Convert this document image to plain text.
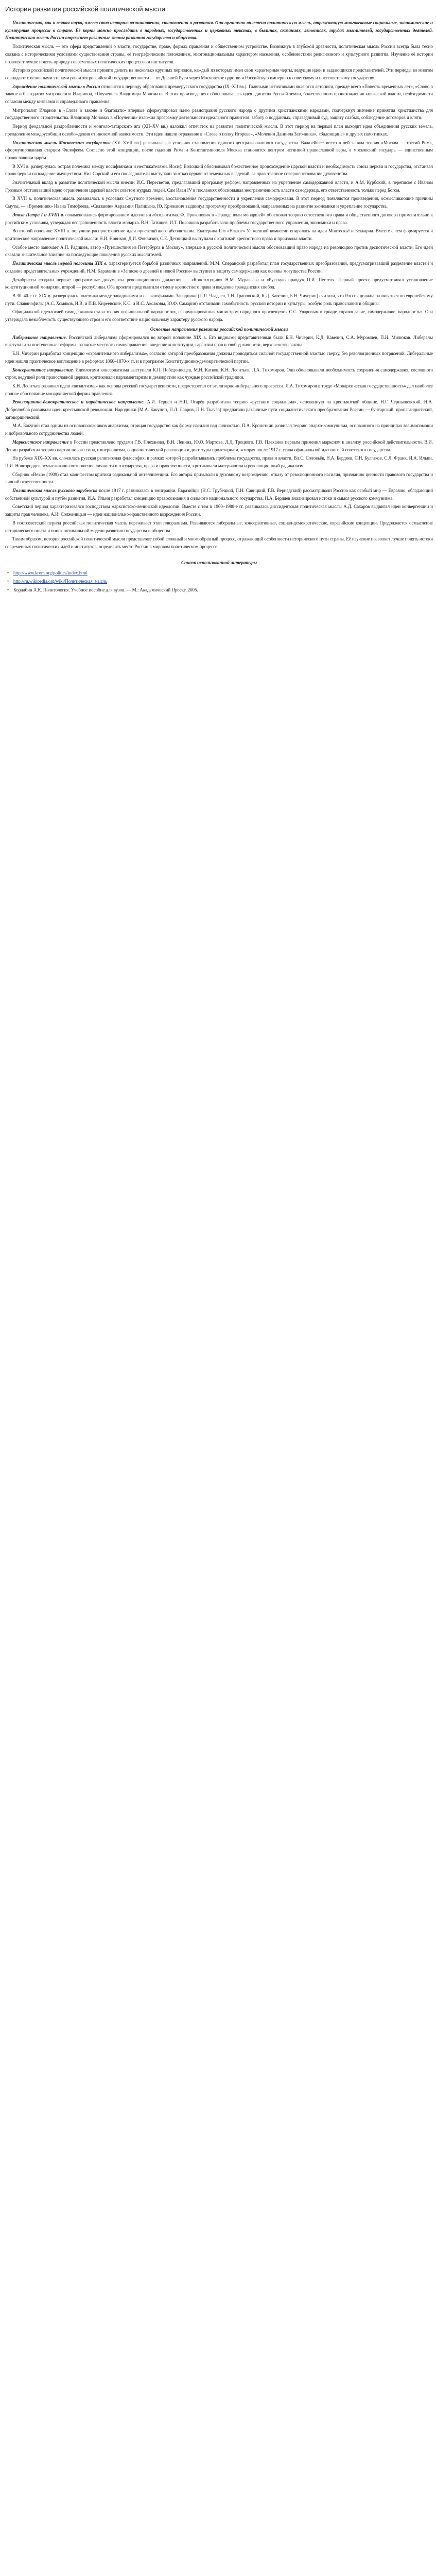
История развития российской политической мысли

Политическая, как и всякая наука, имеет свою историю возникновения, становления и развития. Она органично вплетена политическую мысль, отражающую многовековые социальные, экономические и культурные процессы в стране. Её корни можно проследить в народных, государственных и церковных текстах, в былинах, сказаниях, летописях, трудах мыслителей, государственных деятелей. Политическая мысль России отражает различные этапы развития государства и общества.

Политическая мысль — это сфера представлений о власти, государстве, праве, формах правления и общественном устройстве. Возникнув в глубокой древности, политическая мысль России всегда была тесно связана с историческими условиями существования страны, её географическим положением, многонациональным характером населения, особенностями религиозного и культурного развития. Изучение её истории позволяет лучше понять природу современных политических процессов и институтов.

Историю российской политической мысли принято делить на несколько крупных периодов, каждый из которых имел свои характерные черты, ведущие идеи и выдающихся представителей. Эти периоды во многом совпадают с основными этапами развития российской государственности — от Древней Руси через Московское царство и Российскую империю к советскому и постсоветскому государству.

Зарождение политической мысли в России относится к периоду образования древнерусского государства (IX–XII вв.). Главными источниками являются летописи, прежде всего «Повесть временных лет», «Слово о законе и благодати» митрополита Илариона, «Поучение» Владимира Мономаха. В этих произведениях обосновывалась идея единства Русской земли, божественного происхождения княжеской власти, необходимости согласия между князьями и справедливого правления.

Митрополит Иларион в «Слове о законе и благодати» впервые сформулировал идею равноправия русского народа с другими христианскими народами, подчеркнул значение принятия христианства для государственного строительства. Владимир Мономах в «Поучении» изложил программу деятельности идеального правителя: заботу о подданных, справедливый суд, защиту слабых, соблюдение договоров и клятв.

Период феодальной раздробленности и монголо-татарского ига (XII–XV вв.) наложил отпечаток на развитие политической мысли. В этот период на первый план выходит идея объединения русских земель, преодоления междоусобиц и освобождения от иноземной зависимости. Эти идеи нашли отражение в «Слове о полку Игореве», «Молении Даниила Заточника», «Задонщине» и других памятниках.

Политическая мысль Московского государства (XV–XVII вв.) развивалась в условиях становления единого централизованного государства. Важнейшее место в ней заняла теория «Москва — третий Рим», сформулированная старцем Филофеем. Согласно этой концепции, после падения Рима и Константинополя Москва становится центром истинной православной веры, а московский государь — единственным православным царём.

В XVI в. развернулась острая полемика между иосифлянами и нестяжателями. Иосиф Волоцкий обосновывал божественное происхождение царской власти и необходимость союза церкви и государства, отстаивал право церкви на владение имуществом. Нил Сорский и его последователи выступали за отказ церкви от земельных владений, за нравственное совершенствование духовенства.

Значительный вклад в развитие политической мысли внесли И.С. Пересветов, предлагавший программу реформ, направленных на укрепление самодержавной власти, и А.М. Курбский, в переписке с Иваном Грозным отстаивавший идею ограничения царской власти советом мудрых людей. Сам Иван IV в посланиях обосновывал неограниченность власти самодержца, его ответственность только перед Богом.

В XVII в. политическая мысль развивалась в условиях Смутного времени, восстановления государственности и укрепления самодержавия. В этот период появляются произведения, осмысливающие причины Смуты, — «Временник» Ивана Тимофеева, «Сказание» Авраамия Палицына. Ю. Крижанич выдвинул программу преобразований, направленных на развитие экономики и укрепление государства.

Эпоха Петра I и XVIII в. ознаменовались формированием идеологии абсолютизма. Ф. Прокопович в «Правде воли монаршей» обосновал теорию естественного права и общественного договора применительно к российским условиям, утверждая неограниченность власти монарха. В.Н. Татищев, И.Т. Посошков разрабатывали проблемы государственного управления, экономики и права.

Во второй половине XVIII в. получили распространение идеи просвещённого абсолютизма. Екатерина II в «Наказе» Уложенной комиссии опиралась на идеи Монтескьё и Беккариа. Вместе с тем формируется и критическое направление политической мысли: Н.И. Новиков, Д.И. Фонвизин, С.Е. Десницкий выступали с критикой крепостного права и произвола власти.

Особое место занимает А.Н. Радищев, автор «Путешествия из Петербурга в Москву», впервые в русской политической мысли обосновавший право народа на революцию против деспотической власти. Его идеи оказали значительное влияние на последующие поколения русских мыслителей.

Политическая мысль первой половины XIX в. характеризуется борьбой различных направлений. М.М. Сперанский разработал план государственных преобразований, предусматривавший разделение властей и создание представительных учреждений. Н.М. Карамзин в «Записке о древней и новой России» выступил в защиту самодержавия как основы могущества России.

Декабристы создали первые программные документы революционного движения — «Конституцию» Н.М. Муравьёва и «Русскую правду» П.И. Пестеля. Первый проект предусматривал установление конституционной монархии, второй — республики. Оба проекта предполагали отмену крепостного права и введение гражданских свобод.

В 30–40-е гг. XIX в. развернулась полемика между западниками и славянофилами. Западники (П.Я. Чаадаев, Т.Н. Грановский, К.Д. Кавелин, Б.Н. Чичерин) считали, что Россия должна развиваться по европейскому пути. Славянофилы (А.С. Хомяков, И.В. и П.В. Киреевские, К.С. и И.С. Аксаковы, Ю.Ф. Самарин) отстаивали самобытность русской истории и культуры, особую роль православия и общины.

Официальной идеологией самодержавия стала теория «официальной народности», сформулированная министром народного просвещения С.С. Уваровым в триаде «православие, самодержавие, народность». Она утверждала незыблемость существующего строя и его соответствие национальному характеру русского народа.

Основные направления развития российской политической мысли

Либеральное направление. Российский либерализм сформировался во второй половине XIX в. Его видными представителями были Б.Н. Чичерин, К.Д. Кавелин, С.А. Муромцев, П.Н. Милюков. Либералы выступали за постепенные реформы, развитие местного самоуправления, введение конституции, гарантии прав и свобод личности, верховенство закона.

Б.Н. Чичерин разработал концепцию «охранительного либерализма», согласно которой преобразования должны проводиться сильной государственной властью сверху, без революционных потрясений. Либеральные идеи нашли практическое воплощение в реформах 1860–1870-х гг. и в программе Конституционно-демократической партии.

Консервативное направление. Идеологами консерватизма выступали К.П. Победоносцев, М.Н. Катков, К.Н. Леонтьев, Л.А. Тихомиров. Они обосновывали необходимость сохранения самодержавия, сословного строя, ведущей роли православной церкви, критиковали парламентаризм и демократию как чуждые российской традиции.

К.Н. Леонтьев развивал идею «византизма» как основы русской государственности, предостерегал от эгалитарно-либерального прогресса. Л.А. Тихомиров в труде «Монархическая государственность» дал наиболее полное обоснование монархической формы правления.

Революционно-демократическое и народническое направление. А.И. Герцен и Н.П. Огарёв разработали теорию «русского социализма», основанную на крестьянской общине. Н.Г. Чернышевский, Н.А. Добролюбов развивали идеи крестьянской революции. Народники (М.А. Бакунин, П.Л. Лавров, П.Н. Ткачёв) предлагали различные пути социалистического преобразования России — бунтарский, пропагандистский, заговорщический.

М.А. Бакунин стал одним из основоположников анархизма, отрицая государство как форму насилия над личностью. П.А. Кропоткин развивал теорию анархо-коммунизма, основанного на принципах взаимопомощи и добровольного сотрудничества людей.

Марксистское направление в России представлено трудами Г.В. Плеханова, В.И. Ленина, Ю.О. Мартова, Л.Д. Троцкого. Г.В. Плеханов первым применил марксизм к анализу российской действительности. В.И. Ленин разработал теорию партии нового типа, империализма, социалистической революции и диктатуры пролетариата, которая после 1917 г. стала официальной идеологией советского государства.

На рубеже XIX–XX вв. сложилась русская религиозная философия, в рамках которой разрабатывались проблемы государства, права и власти. Вл.С. Соловьёв, Н.А. Бердяев, С.Н. Булгаков, С.Л. Франк, И.А. Ильин, П.И. Новгородцев осмысливали соотношение личности и государства, права и нравственности, критиковали материализм и революционный радикализм.

Сборник «Вехи» (1909) стал манифестом критики радикальной интеллигенции. Его авторы призывали к духовному возрождению, отказу от революционного насилия, признанию ценности правового государства и личной ответственности.

Политическая мысль русского зарубежья после 1917 г. развивалась в эмиграции. Евразийцы (Н.С. Трубецкой, П.Н. Савицкий, Г.В. Вернадский) рассматривали Россию как особый мир — Евразию, обладающий собственной культурой и путём развития. И.А. Ильин разработал концепцию правосознания и сильного национального государства. Н.А. Бердяев анализировал истоки и смысл русского коммунизма.

Советский период характеризовался господством марксистско-ленинской идеологии. Вместе с тем в 1960–1980-е гг. развивалась диссидентская политическая мысль: А.Д. Сахаров выдвигал идеи конвергенции и защиты прав человека, А.И. Солженицын — идеи национально-нравственного возрождения России.

В постсоветский период российская политическая мысль переживает этап плюрализма. Развиваются либеральные, консервативные, социал-демократические, евразийские концепции. Продолжается осмысление исторического опыта и поиск оптимальной модели развития государства и общества.

Таким образом, история российской политической мысли представляет собой сложный и многообразный процесс, отражающий особенности исторического пути страны. Её изучение позволяет лучше понять истоки современных политических идей и институтов, определить место России в мировом политическом процессе.

Список использованной литературы
• http://www.krom.org/politics/index.html
• http://ru.wikipedia.org/wiki/Политическая_мысль
• Кордабин А.К. Политология. Учебное пособие для вузов. — М.: Академический Проект, 2005.
